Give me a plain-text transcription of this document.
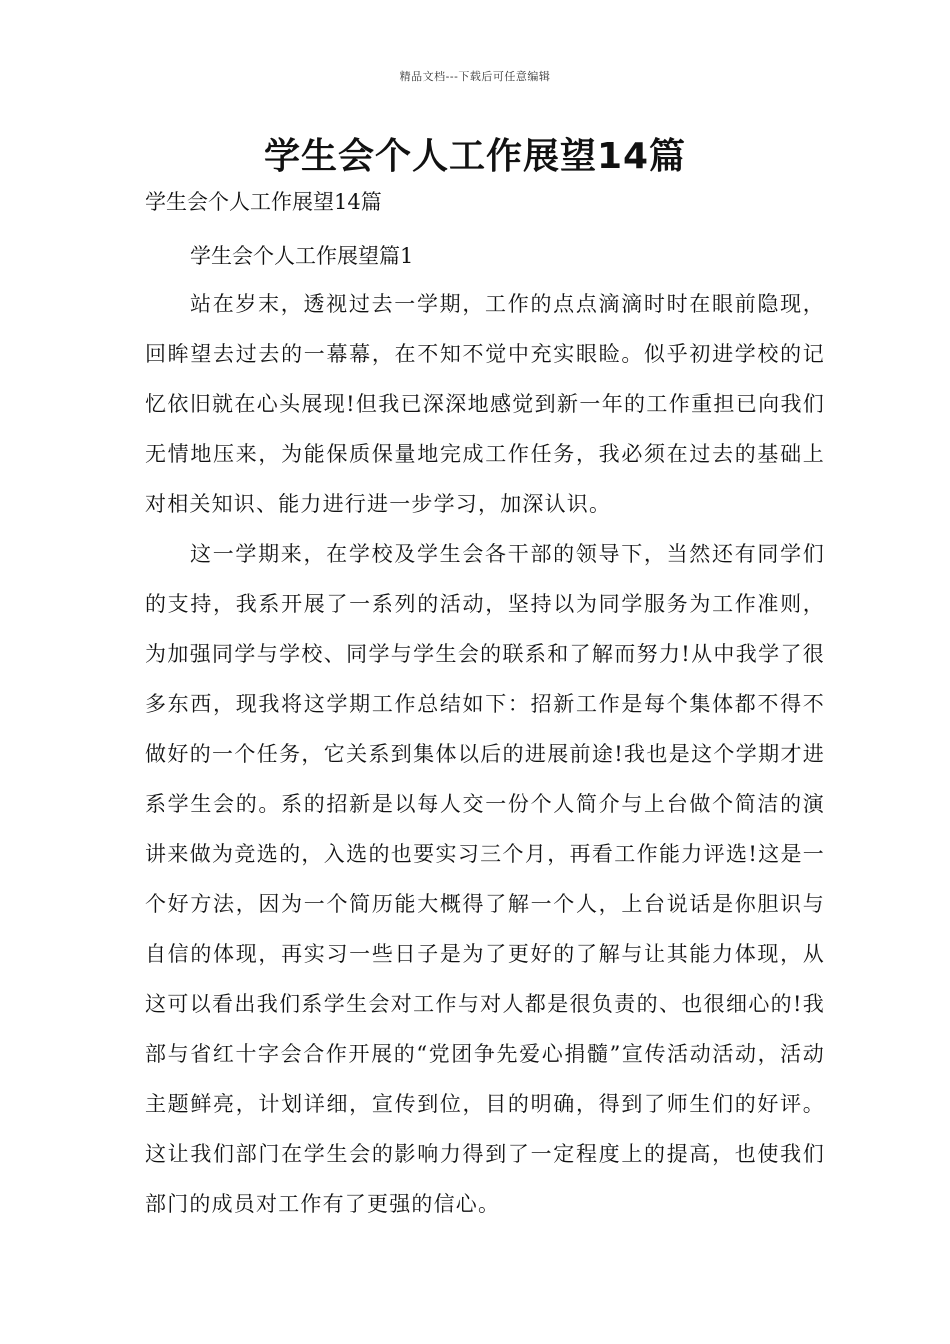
精品文档---下载后可任意编辑
学生会个人工作展望14篇
学生会个人工作展望14篇
学生会个人工作展望篇1

站在岁末，透视过去一学期，工作的点点滴滴时时在眼前隐现，回眸望去过去的一幕幕，在不知不觉中充实眼睑。似乎初进学校的记忆依旧就在心头展现!但我已深深地感觉到新一年的工作重担已向我们无情地压来，为能保质保量地完成工作任务，我必须在过去的基础上对相关知识、能力进行进一步学习，加深认识。

这一学期来，在学校及学生会各干部的领导下，当然还有同学们的支持，我系开展了一系列的活动，坚持以为同学服务为工作准则，为加强同学与学校、同学与学生会的联系和了解而努力!从中我学了很多东西，现我将这学期工作总结如下：招新工作是每个集体都不得不做好的一个任务，它关系到集体以后的进展前途!我也是这个学期才进系学生会的。系的招新是以每人交一份个人简介与上台做个简洁的演讲来做为竞选的，入选的也要实习三个月，再看工作能力评选!这是一个好方法，因为一个简历能大概得了解一个人，上台说话是你胆识与自信的体现，再实习一些日子是为了更好的了解与让其能力体现，从这可以看出我们系学生会对工作与对人都是很负责的、也很细心的!我部与省红十字会合作开展的“党团争先爱心捐髓”宣传活动活动，活动主题鲜亮，计划详细，宣传到位，目的明确，得到了师生们的好评。这让我们部门在学生会的影响力得到了一定程度上的提高，也使我们部门的成员对工作有了更强的信心。
